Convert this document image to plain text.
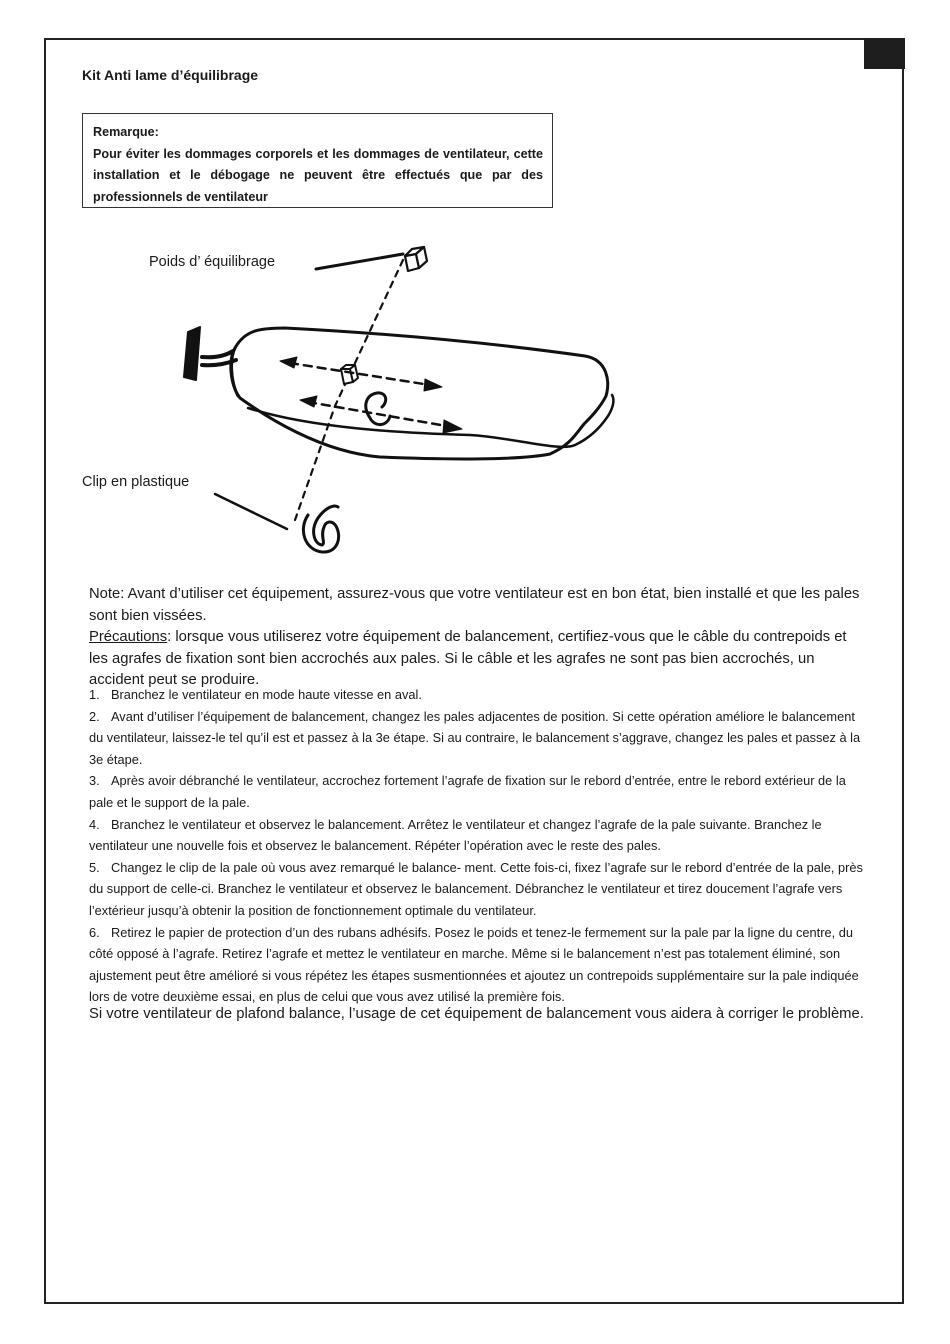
Kit Anti lame d’équilibrage

Remarque:

Pour éviter les dommages corporels et les dommages de ventilateur, cette installation et le débogage ne peuvent être effectués que par des professionnels de ventilateur

Poids d’ équilibrage
Clip en plastique

Note: Avant d’utiliser cet équipement, assurez-vous que votre ventilateur est en bon état, bien installé et que les pales sont bien vissées.

Précautions: lorsque vous utiliserez votre équipement de balancement, certifiez-vous que le câble du contrepoids et les agrafes de fixation sont bien accrochés aux pales. Si le câble et les agrafes ne sont pas bien accrochés, un accident peut se produire.

1. Branchez le ventilateur en mode haute vitesse en aval.

2. Avant d’utiliser l’équipement de balancement, changez les pales adjacentes de position. Si cette opération améliore le balancement du ventilateur, laissez-le tel qu’il est et passez à la 3e étape. Si au contraire, le balancement s’aggrave, changez les pales et passez à la 3e étape.

3. Après avoir débranché le ventilateur, accrochez fortement l’agrafe de fixation sur le rebord d’entrée, entre le rebord extérieur de la pale et le support de la pale.

4. Branchez le ventilateur et observez le balancement. Arrêtez le ventilateur et changez l’agrafe de la pale suivante. Branchez le ventilateur une nouvelle fois et observez le balancement. Répéter l’opération avec le reste des pales.

5. Changez le clip de la pale où vous avez remarqué le balance- ment. Cette fois-ci, fixez l’agrafe sur le rebord d’entrée de la pale, près du support de celle-ci. Branchez le ventilateur et observez le balancement. Débranchez le ventilateur et tirez doucement l’agrafe vers l’extérieur jusqu’à obtenir la position de fonctionnement optimale du ventilateur.

6. Retirez le papier de protection d’un des rubans adhésifs. Posez le poids et tenez-le fermement sur la pale par la ligne du centre, du côté opposé à l’agrafe. Retirez l’agrafe et mettez le ventilateur en marche. Même si le balancement n’est pas totalement éliminé, son ajustement peut être amélioré si vous répétez les étapes susmentionnées et ajoutez un contrepoids supplémentaire sur la pale indiquée lors de votre deuxième essai, en plus de celui que vous avez utilisé la première fois.

Si votre ventilateur de plafond balance, l’usage de cet équipement de balancement vous aidera à corriger le problème.
